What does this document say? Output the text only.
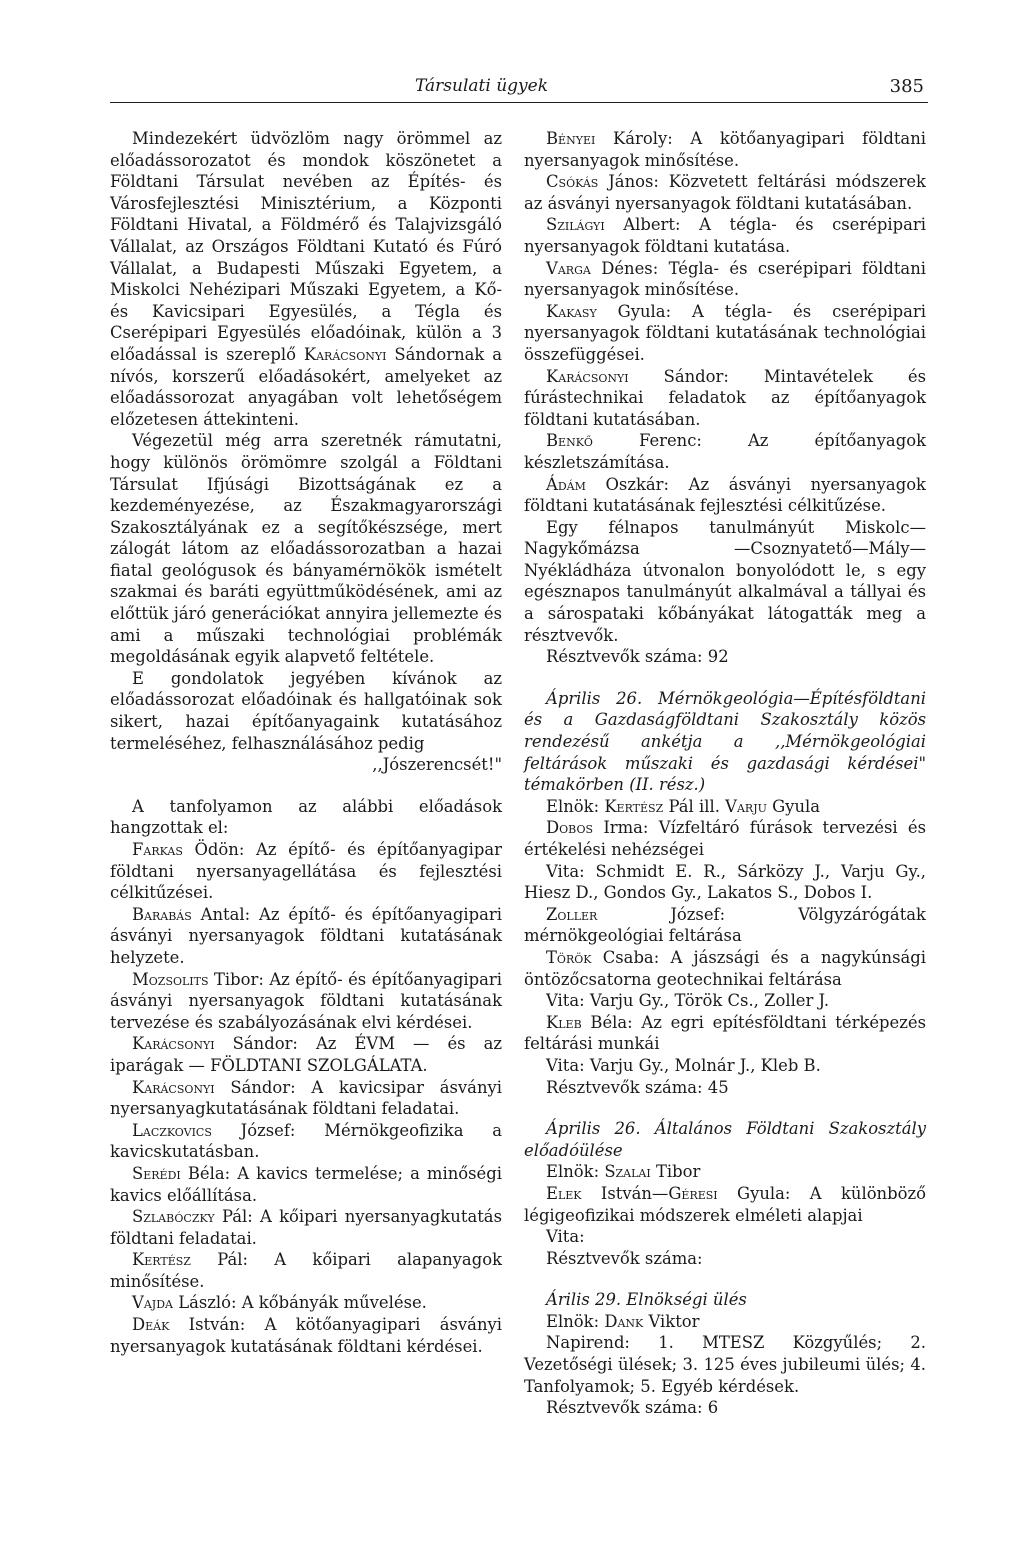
Társulati ügyek	385

Mindezekért üdvözlöm nagy örömmel az előadássorozatot és mondok köszönetet a Földtani Társulat nevében az Építés- és Városfejlesztési Minisztérium, a Központi Földtani Hivatal, a Földmérő és Talajvizsgáló Vállalat, az Országos Földtani Kutató és Fúró Vállalat, a Budapesti Műszaki Egyetem, a Miskolci Nehézipari Műszaki Egyetem, a Kő- és Kavicsipari Egyesülés, a Tégla és Cserépipari Egyesülés előadóinak, külön a 3 előadással is szereplő Karácsonyi Sándornak a nívós, korszerű előadásokért, amelyeket az előadássorozat anyagában volt lehetőségem előzetesen áttekinteni.

Végezetül még arra szeretnék rámutatni, hogy különös örömömre szolgál a Földtani Társulat Ifjúsági Bizottságának ez a kezdeményezése, az Északmagyarországi Szakosztályának ez a segítőkészsége, mert zálogát látom az előadássorozatban a hazai fiatal geológusok és bányamérnökök ismételt szakmai és baráti együttműködésének, ami az előttük járó generációkat annyira jellemezte és ami a műszaki technológiai problémák megoldásának egyik alapvető feltétele.

E gondolatok jegyében kívánok az előadássorozat előadóinak és hallgatóinak sok sikert, hazai építőanyagaink kutatásához termeléséhez, felhasználásához pedig

,,Jószerencsét!"

A tanfolyamon az alábbi előadások hangzottak el:

Farkas Ödön: Az építő- és építőanyagipar földtani nyersanyagellátása és fejlesztési célkitűzései.

Barabás Antal: Az építő- és építőanyagipari ásványi nyersanyagok földtani kutatásának helyzete.

Mozsolits Tibor: Az építő- és építőanyagipari ásványi nyersanyagok földtani kutatásának tervezése és szabályozásának elvi kérdései.

Karácsonyi Sándor: Az ÉVM — és az iparágak — FÖLDTANI SZOLGÁLATA.

Karácsonyi Sándor: A kavicsipar ásványi nyersanyagkutatásának földtani feladatai.

Laczkovics József: Mérnökgeofizika a kavicskutatásban.

Serédi Béla: A kavics termelése; a minőségi kavics előállítása.

Szlabóczky Pál: A kőipari nyersanyagkutatás földtani feladatai.

Kertész Pál: A kőipari alapanyagok minősítése.

Vajda László: A kőbányák művelése.

Deák István: A kötőanyagipari ásványi nyersanyagok kutatásának földtani kérdései.

Bényei Károly: A kötőanyagipari földtani nyersanyagok minősítése.

Csókás János: Közvetett feltárási módszerek az ásványi nyersanyagok földtani kutatásában.

Szilágyi Albert: A tégla- és cserépipari nyersanyagok földtani kutatása.

Varga Dénes: Tégla- és cserépipari földtani nyersanyagok minősítése.

Kakasy Gyula: A tégla- és cserépipari nyersanyagok földtani kutatásának technológiai összefüggései.

Karácsonyi Sándor: Mintavételek és fúrástechnikai feladatok az építőanyagok földtani kutatásában.

Benkő	Ferenc: Az építőanyagok készletszámítása.

Ádám Oszkár: Az ásványi nyersanyagok földtani kutatásának fejlesztési célkitűzése.

Egy félnapos tanulmányút Miskolc— Nagykőmázsa —Csoznyatető—Mály— Nyékládháza útvonalon bonyolódott le, s egy egésznapos tanulmányút alkalmával a tállyai és a sárospataki kőbányákat látogatták meg a résztvevők.

Résztvevők száma: 92

Április 26. Mérnökgeológia—Építésföldtani és a Gazdaságföldtani Szakosztály közös rendezésű ankétja a ,,Mérnökgeológiai feltárások műszaki és gazdasági kérdései" témakörben (II. rész.)

Elnök: Kertész Pál ill. Varju Gyula

Dobos Irma: Vízfeltáró fúrások tervezési és értékelési nehézségei

Vita: Schmidt E. R., Sárközy J., Varju Gy., Hiesz D., Gondos Gy., Lakatos S., Dobos I.

Zoller	József: Völgyzárógátak mérnökgeológiai feltárása

Török Csaba: A jászsági és a nagykúnsági öntözőcsatorna geotechnikai feltárása

Vita: Varju Gy., Török Cs., Zoller J.

Kleb Béla: Az egri epítésföldtani térképezés feltárási munkái

Vita: Varju Gy., Molnár J., Kleb B.

Résztvevők száma: 45

Április 26. Általános Földtani Szakosztály előadóülése

Elnök: Szalai Tibor

Elek István—Géresi Gyula: A különböző légigeofizikai módszerek elméleti alapjai

Vita:

Résztvevők száma:

Árilis 29. Elnökségi ülés

Elnök: Dank Viktor

Napirend: 1. MTESZ Közgyűlés; 2. Vezetőségi ülések; 3. 125 éves jubileumi ülés; 4. Tanfolyamok; 5. Egyéb kérdések.

Résztvevők száma: 6
